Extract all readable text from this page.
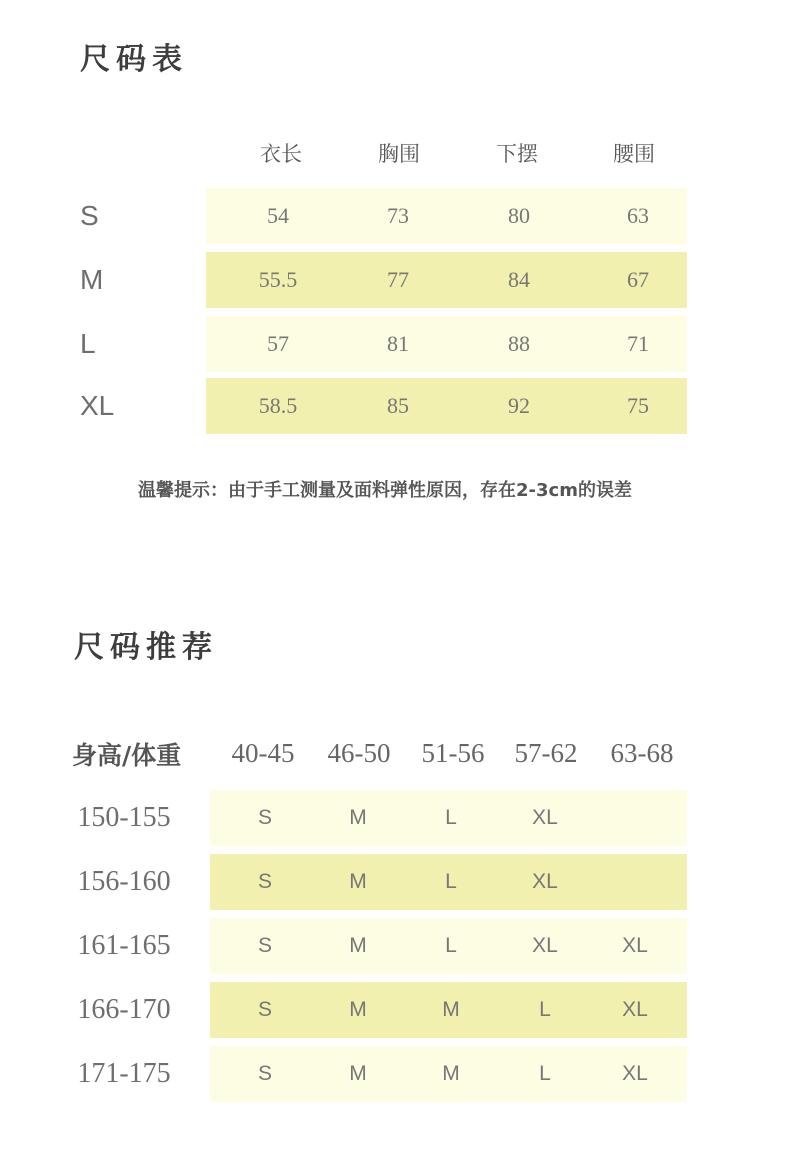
尺码表
衣长	胸围	下摆	腰围
S	54	73	80	63
M	55.5	77	84	67
L	57	81	88	71
XL	58.5	85	92	75
温馨提示：由于手工测量及面料弹性原因，存在2-3cm的误差
尺码推荐
身高/体重	40-45	46-50	51-56	57-62	63-68
150-155	S	M	L	XL
156-160	S	M	L	XL
161-165	S	M	L	XL	XL
166-170	S	M	M	L	XL
171-175	S	M	M	L	XL
